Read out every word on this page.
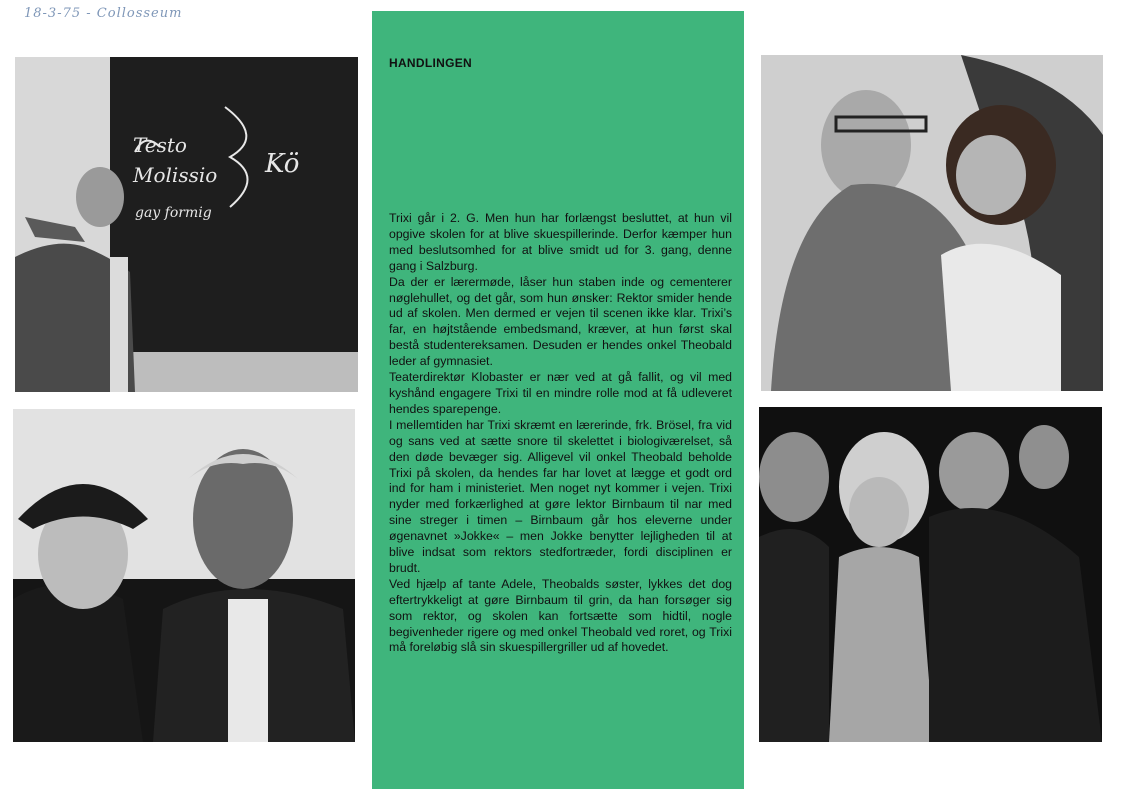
18-3-75 - Collosseum
Testo
Molissio
gay formig
Kö
HANDLINGEN

Trixi går i 2. G. Men hun har forlængst besluttet, at hun vil opgive skolen for at blive skuespillerinde. Derfor kæmper hun med beslutsomhed for at blive smidt ud for 3. gang, denne gang i Salzburg.

Da der er lærermøde, låser hun staben inde og cementerer nøglehullet, og det går, som hun ønsker: Rektor smider hende ud af skolen. Men dermed er vejen til scenen ikke klar. Trixi’s far, en højtstående embedsmand, kræver, at hun først skal bestå studentereksamen. Desuden er hendes onkel Theobald leder af gymnasiet.

Teaterdirektør Klobaster er nær ved at gå fallit, og vil med kyshånd engagere Trixi til en mindre rolle mod at få udleveret hendes sparepenge.

I mellemtiden har Trixi skræmt en lærerinde, frk. Brösel, fra vid og sans ved at sætte snore til skelettet i biologiværelset, så den døde bevæger sig. Alligevel vil onkel Theobald beholde Trixi på skolen, da hendes far har lovet at lægge et godt ord ind for ham i ministeriet. Men noget nyt kommer i vejen. Trixi nyder med forkærlighed at gøre lektor Birnbaum til nar med sine streger i timen – Birnbaum går hos eleverne under øgenavnet »Jokke« – men Jokke benytter lejligheden til at blive indsat som rektors stedfortræder, fordi disciplinen er brudt.

Ved hjælp af tante Adele, Theobalds søster, lykkes det dog eftertrykkeligt at gøre Birnbaum til grin, da han forsøger sig som rektor, og skolen kan fortsætte som hidtil, nogle begivenheder rigere og med onkel Theobald ved roret, og Trixi må foreløbig slå sin skuespillergriller ud af hovedet.
